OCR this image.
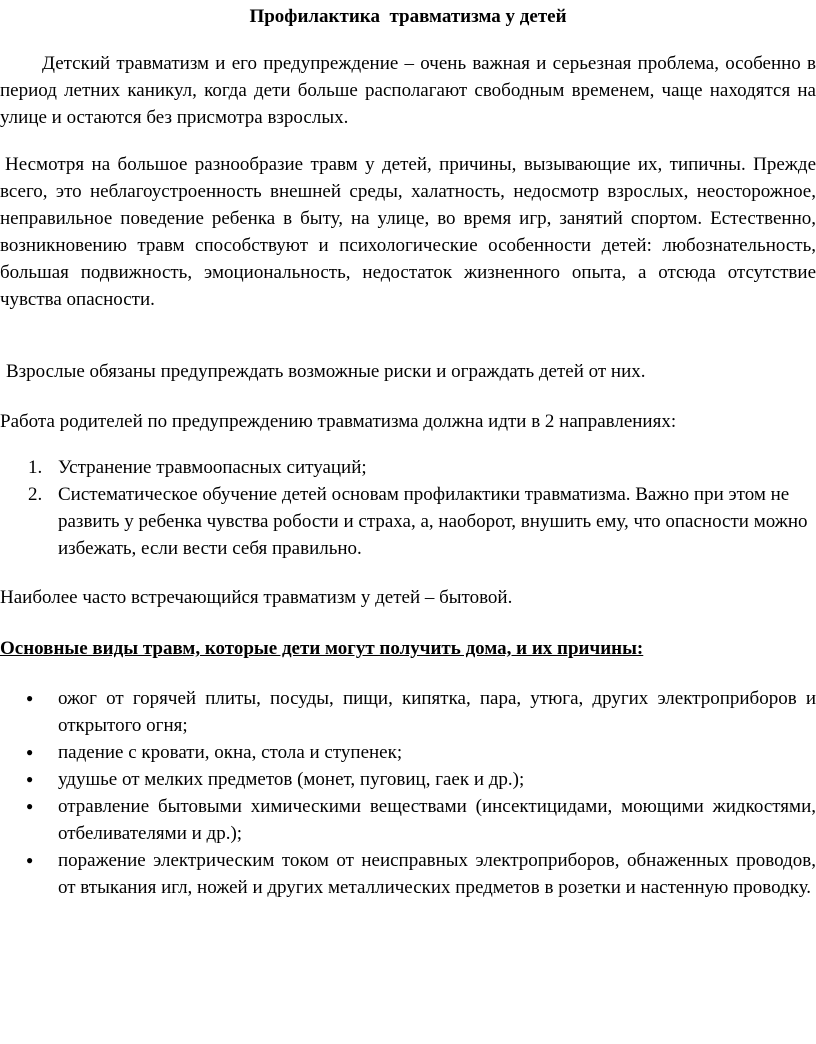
Профилактика  травматизма у детей

Детский травматизм и его предупреждение – очень важная и серьезная проблема, особенно в период летних каникул, когда дети больше располагают свободным временем, чаще находятся на улице и остаются без присмотра взрослых.

Несмотря на большое разнообразие травм у детей, причины, вызывающие их, типичны. Прежде всего, это неблагоустроенность внешней среды, халатность, недосмотр взрослых, неосторожное, неправильное поведение ребенка в быту, на улице, во время игр, занятий спортом. Естественно, возникновению травм способствуют и психологические особенности детей: любознательность, большая подвижность, эмоциональность, недостаток жизненного опыта, а отсюда отсутствие чувства опасности.

Взрослые обязаны предупреждать возможные риски и ограждать детей от них.

Работа родителей по предупреждению травматизма должна идти в 2 направлениях:

1. Устранение травмоопасных ситуаций;
2. Систематическое обучение детей основам профилактики травматизма. Важно при этом не развить у ребенка чувства робости и страха, а, наоборот, внушить ему, что опасности можно избежать, если вести себя правильно.

Наиболее часто встречающийся травматизм у детей – бытовой.

Основные виды травм, которые дети могут получить дома, и их причины:
● ожог от горячей плиты, посуды, пищи, кипятка, пара, утюга, других электроприборов и открытого огня;
● падение с кровати, окна, стола и ступенек;
● удушье от мелких предметов (монет, пуговиц, гаек и др.);
● отравление бытовыми химическими веществами (инсектицидами, моющими жидкостями, отбеливателями и др.);
● поражение электрическим током от неисправных электроприборов, обнаженных проводов, от втыкания игл, ножей и других металлических предметов в розетки и настенную проводку.
